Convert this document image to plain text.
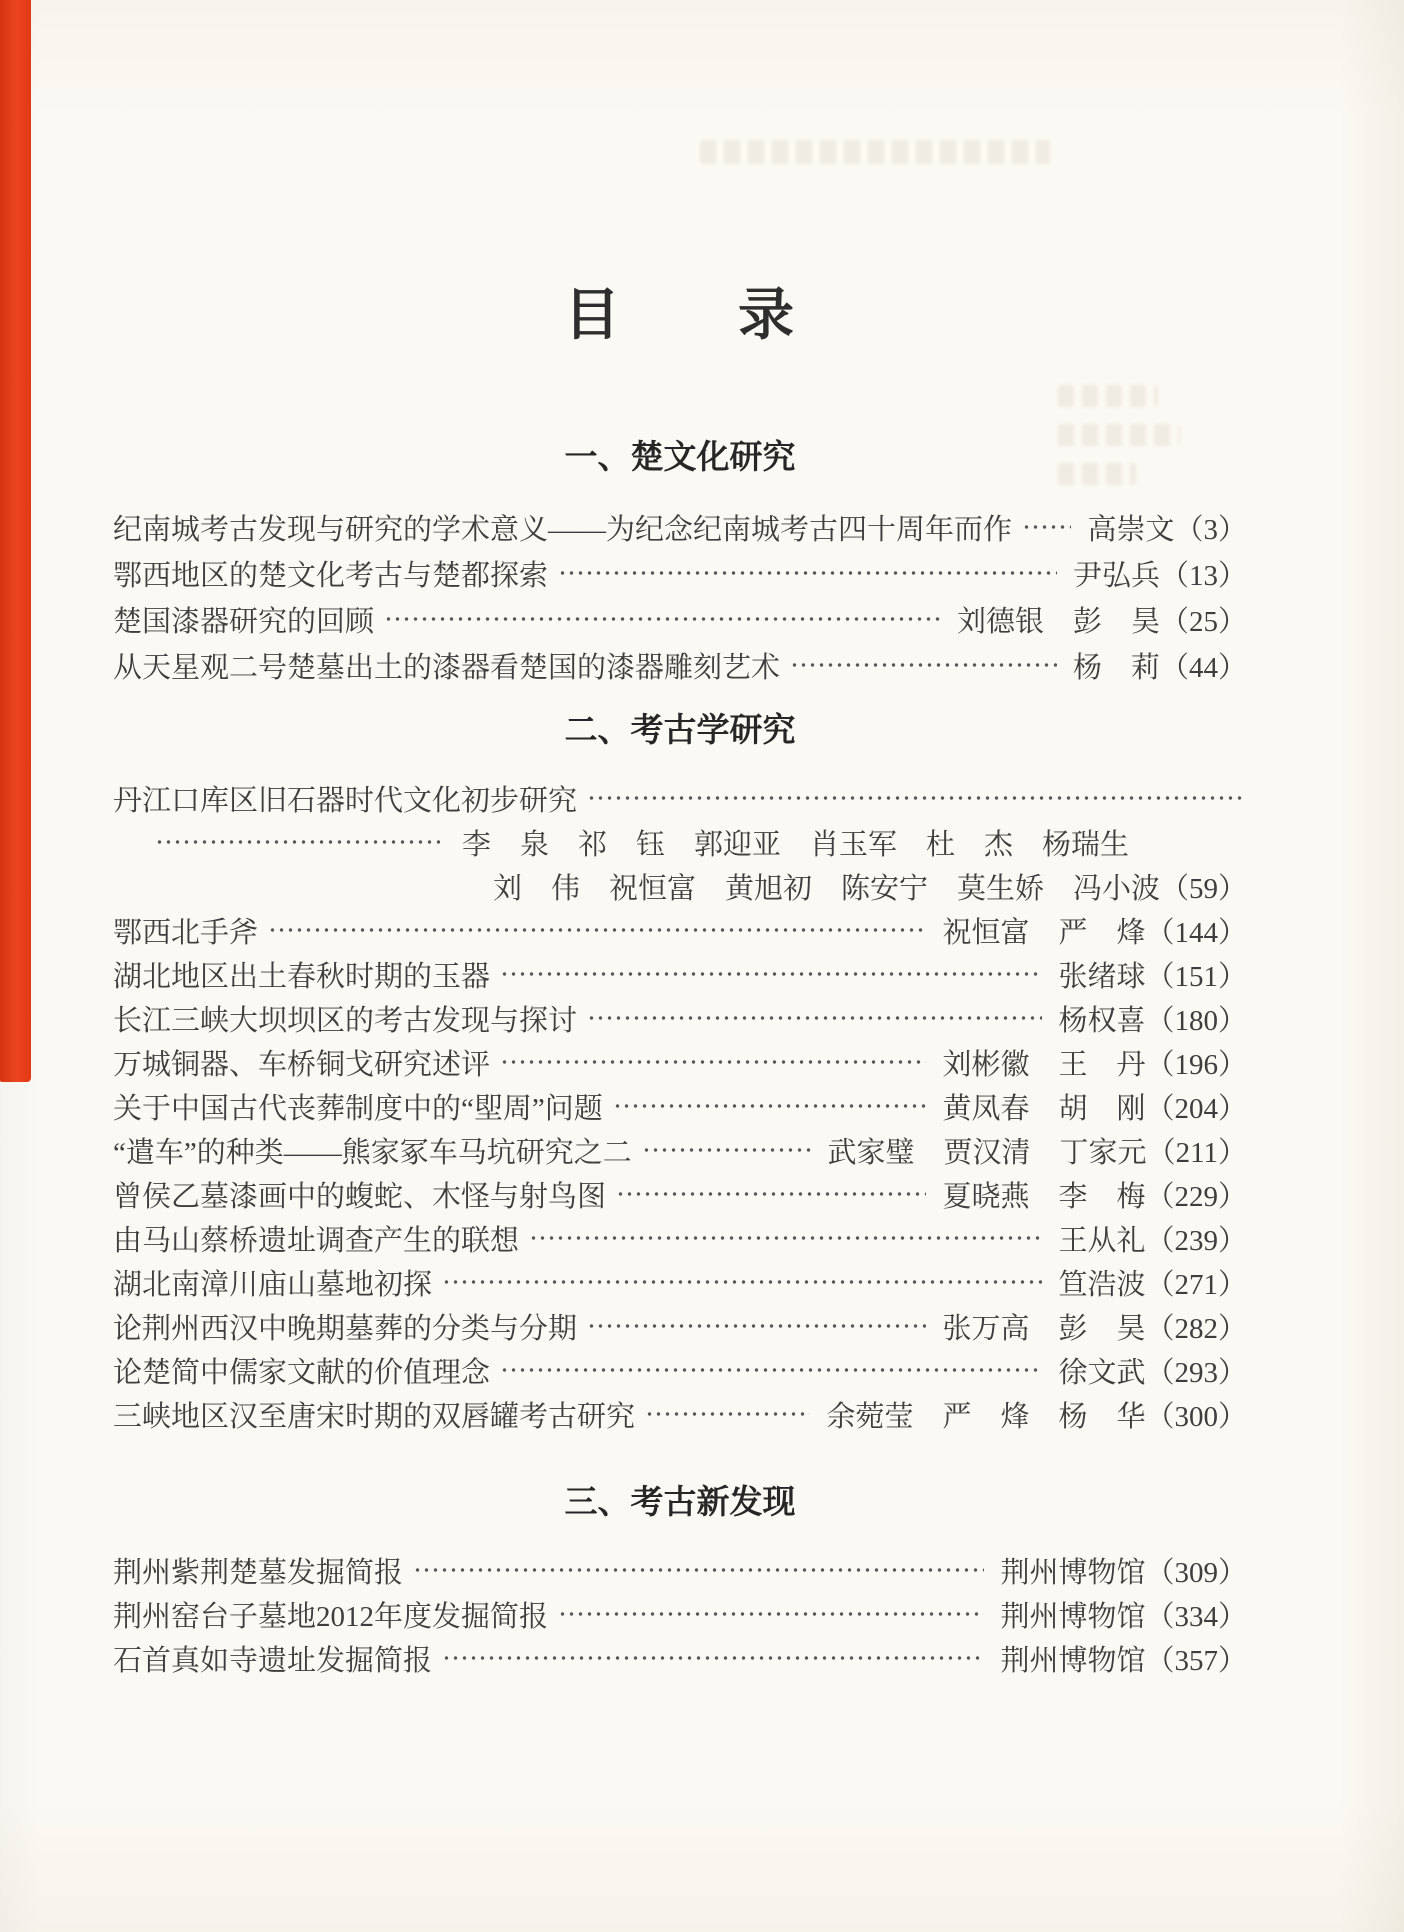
目　　录
一、楚文化研究
纪南城考古发现与研究的学术意义——为纪念纪南城考古四十周年而作	高崇文 （3）
鄂西地区的楚文化考古与楚都探索	尹弘兵 （13）
楚国漆器研究的回顾	刘德银　彭　昊 （25）
从天星观二号楚墓出土的漆器看楚国的漆器雕刻艺术	杨　莉 （44）
二、考古学研究
丹江口库区旧石器时代文化初步研究
李　泉　祁　钰　郭迎亚　肖玉军　杜　杰　杨瑞生
刘　伟　祝恒富　黄旭初　陈安宁　莫生娇　冯小波 （59）
鄂西北手斧	祝恒富　严　烽 （144）
湖北地区出土春秋时期的玉器	张绪球 （151）
长江三峡大坝坝区的考古发现与探讨	杨权喜 （180）
万城铜器、车桥铜戈研究述评	刘彬徽　王　丹 （196）
关于中国古代丧葬制度中的“堲周”问题	黄凤春　胡　刚 （204）
“遣车”的种类——熊家冢车马坑研究之二	武家璧　贾汉清　丁家元 （211）
曾侯乙墓漆画中的蝮蛇、木怪与射鸟图	夏晓燕　李　梅 （229）
由马山蔡桥遗址调查产生的联想	王从礼 （239）
湖北南漳川庙山墓地初探	笪浩波 （271）
论荆州西汉中晚期墓葬的分类与分期	张万高　彭　昊 （282）
论楚简中儒家文献的价值理念	徐文武 （293）
三峡地区汉至唐宋时期的双唇罐考古研究	余菀莹　严　烽　杨　华 （300）
三、考古新发现
荆州紫荆楚墓发掘简报	荆州博物馆 （309）
荆州窑台子墓地2012年度发掘简报	荆州博物馆 （334）
石首真如寺遗址发掘简报	荆州博物馆 （357）
